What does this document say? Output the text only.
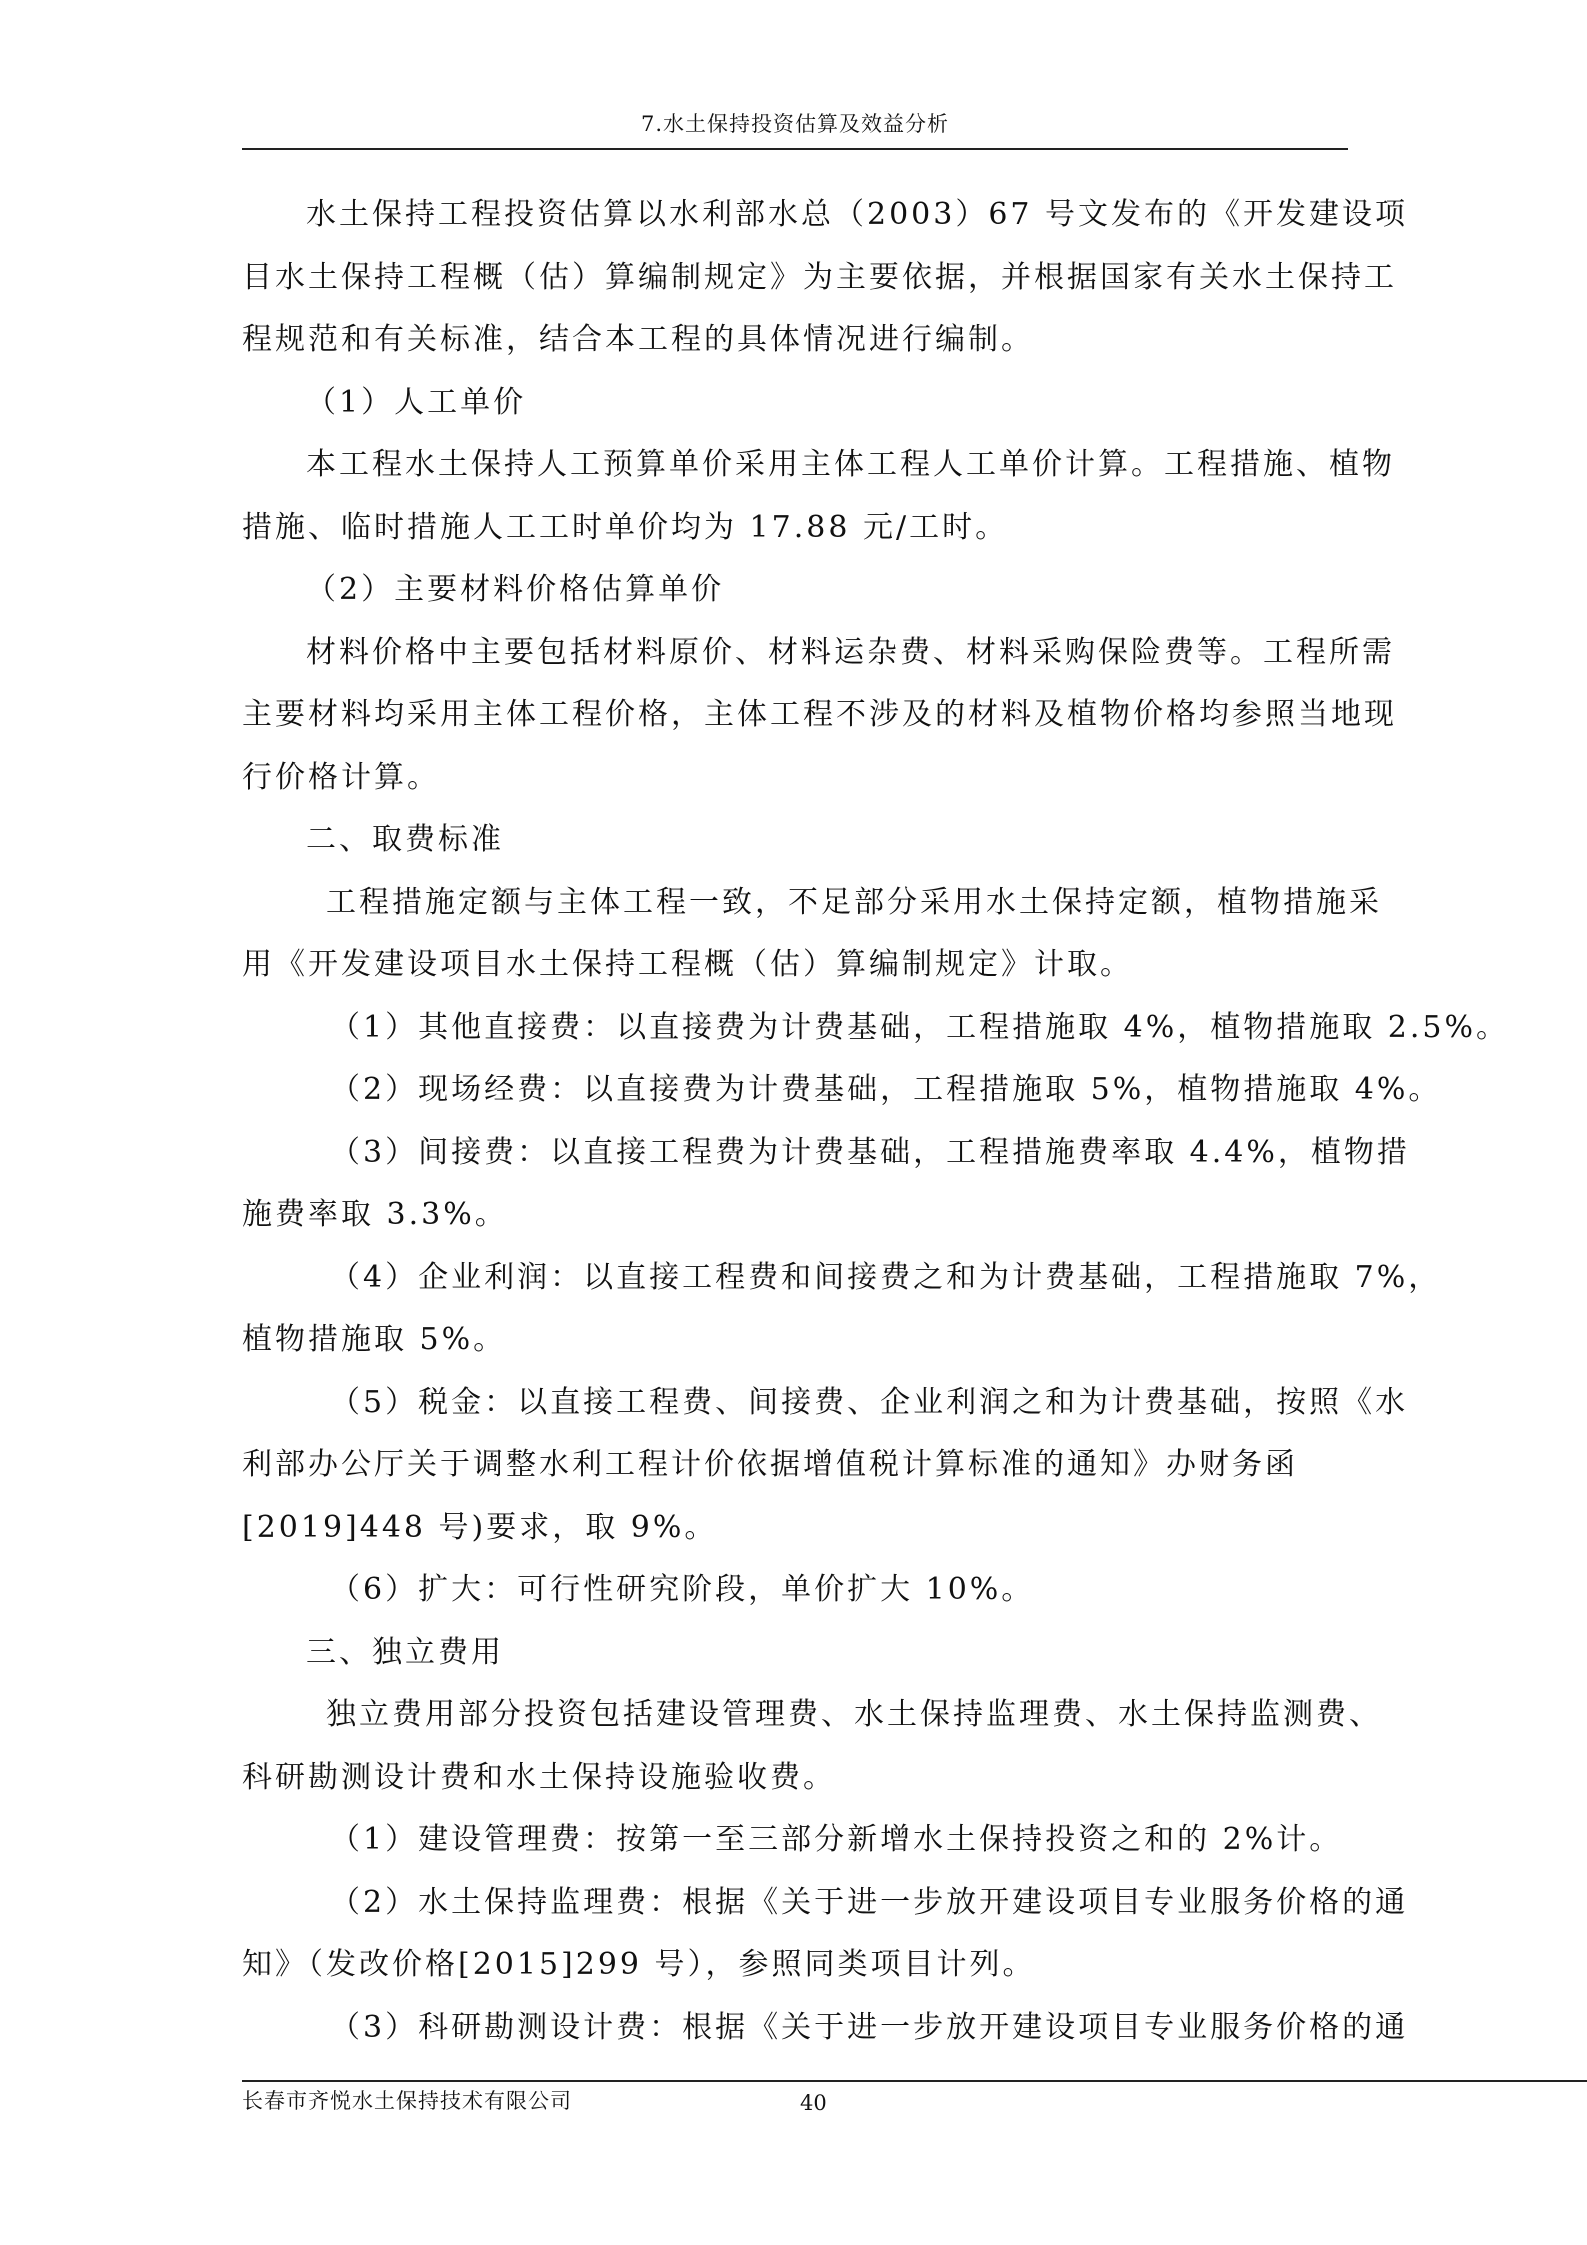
7.水土保持投资估算及效益分析

水土保持工程投资估算以水利部水总（2003）67 号文发布的《开发建设项

目水土保持工程概（估）算编制规定》为主要依据，并根据国家有关水土保持工

程规范和有关标准，结合本工程的具体情况进行编制。

（1）人工单价

本工程水土保持人工预算单价采用主体工程人工单价计算。工程措施、植物

措施、临时措施人工工时单价均为 17.88 元/工时。

（2）主要材料价格估算单价

材料价格中主要包括材料原价、材料运杂费、材料采购保险费等。工程所需

主要材料均采用主体工程价格，主体工程不涉及的材料及植物价格均参照当地现

行价格计算。

二、取费标准

工程措施定额与主体工程一致，不足部分采用水土保持定额，植物措施采

用《开发建设项目水土保持工程概（估）算编制规定》计取。

（1）其他直接费：以直接费为计费基础，工程措施取 4%，植物措施取 2.5%。

（2）现场经费：以直接费为计费基础，工程措施取 5%，植物措施取 4%。

（3）间接费：以直接工程费为计费基础，工程措施费率取 4.4%，植物措

施费率取 3.3%。

（4）企业利润：以直接工程费和间接费之和为计费基础，工程措施取 7%，

植物措施取 5%。

（5）税金：以直接工程费、间接费、企业利润之和为计费基础，按照《水

利部办公厅关于调整水利工程计价依据增值税计算标准的通知》办财务函

[2019]448 号)要求，取 9%。

（6）扩大：可行性研究阶段，单价扩大 10%。

三、独立费用

独立费用部分投资包括建设管理费、水土保持监理费、水土保持监测费、

科研勘测设计费和水土保持设施验收费。

（1）建设管理费：按第一至三部分新增水土保持投资之和的 2%计。

（2）水土保持监理费：根据《关于进一步放开建设项目专业服务价格的通

知》（发改价格[2015]299 号），参照同类项目计列。

（3）科研勘测设计费：根据《关于进一步放开建设项目专业服务价格的通

长春市齐悦水土保持技术有限公司	40
